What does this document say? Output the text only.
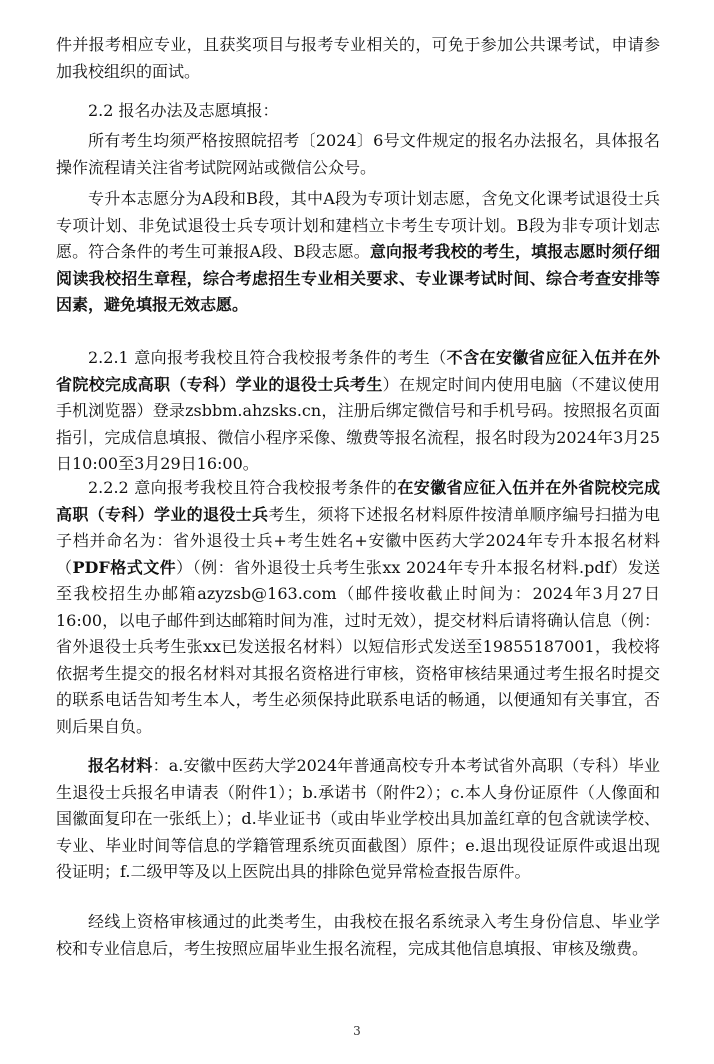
件并报考相应专业，且获奖项目与报考专业相关的，可免于参加公共课考试，申请参加我校组织的面试。

2.2 报名办法及志愿填报：

所有考生均须严格按照皖招考〔2024〕6号文件规定的报名办法报名，具体报名操作流程请关注省考试院网站或微信公众号。

专升本志愿分为A段和B段，其中A段为专项计划志愿，含免文化课考试退役士兵专项计划、非免试退役士兵专项计划和建档立卡考生专项计划。B段为非专项计划志愿。符合条件的考生可兼报A段、B段志愿。意向报考我校的考生，填报志愿时须仔细阅读我校招生章程，综合考虑招生专业相关要求、专业课考试时间、综合考查安排等因素，避免填报无效志愿。

2.2.1 意向报考我校且符合我校报考条件的考生（不含在安徽省应征入伍并在外省院校完成高职（专科）学业的退役士兵考生）在规定时间内使用电脑（不建议使用手机浏览器）登录zsbbm.ahzsks.cn，注册后绑定微信号和手机号码。按照报名页面指引，完成信息填报、微信小程序采像、缴费等报名流程，报名时段为2024年3月25日10:00至3月29日16:00。

2.2.2 意向报考我校且符合我校报考条件的在安徽省应征入伍并在外省院校完成高职（专科）学业的退役士兵考生，须将下述报名材料原件按清单顺序编号扫描为电子档并命名为：省外退役士兵+考生姓名+安徽中医药大学2024年专升本报名材料（PDF格式文件）（例：省外退役士兵考生张xx 2024年专升本报名材料.pdf）发送至我校招生办邮箱azyzsb@163.com（邮件接收截止时间为：2024年3月27日16:00，以电子邮件到达邮箱时间为准，过时无效），提交材料后请将确认信息（例：省外退役士兵考生张xx已发送报名材料）以短信形式发送至19855187001，我校将依据考生提交的报名材料对其报名资格进行审核，资格审核结果通过考生报名时提交的联系电话告知考生本人，考生必须保持此联系电话的畅通，以便通知有关事宜，否则后果自负。

报名材料：a.安徽中医药大学2024年普通高校专升本考试省外高职（专科）毕业生退役士兵报名申请表（附件1）；b.承诺书（附件2）；c.本人身份证原件（人像面和国徽面复印在一张纸上）；d.毕业证书（或由毕业学校出具加盖红章的包含就读学校、专业、毕业时间等信息的学籍管理系统页面截图）原件；e.退出现役证原件或退出现役证明；f.二级甲等及以上医院出具的排除色觉异常检查报告原件。

经线上资格审核通过的此类考生，由我校在报名系统录入考生身份信息、毕业学校和专业信息后，考生按照应届毕业生报名流程，完成其他信息填报、审核及缴费。

3
